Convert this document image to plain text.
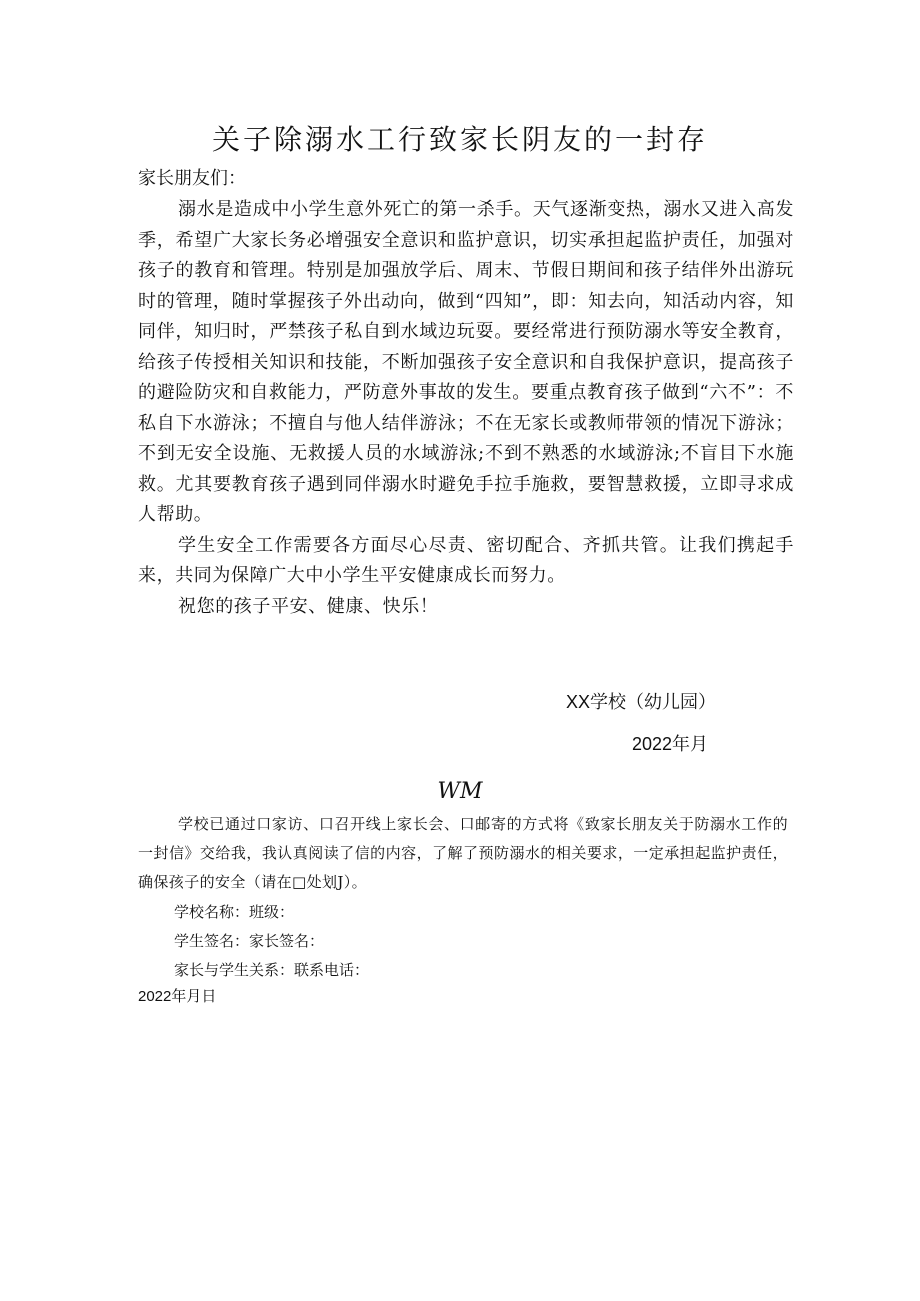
关子除溺水工行致家长阴友的一封存
家长朋友们：

溺水是造成中小学生意外死亡的第一杀手。天气逐渐变热，溺水又进入高发季，希望广大家长务必增强安全意识和监护意识，切实承担起监护责任，加强对孩子的教育和管理。特别是加强放学后、周末、节假日期间和孩子结伴外出游玩时的管理，随时掌握孩子外出动向，做到“四知”，即：知去向，知活动内容，知同伴，知归时，严禁孩子私自到水域边玩耍。要经常进行预防溺水等安全教育，给孩子传授相关知识和技能，不断加强孩子安全意识和自我保护意识，提高孩子的避险防灾和自救能力，严防意外事故的发生。要重点教育孩子做到“六不”：不私自下水游泳；不擅自与他人结伴游泳；不在无家长或教师带领的情况下游泳；不到无安全设施、无救援人员的水域游泳;不到不熟悉的水域游泳;不盲目下水施救。尤其要教育孩子遇到同伴溺水时避免手拉手施救，要智慧救援，立即寻求成人帮助。

学生安全工作需要各方面尽心尽责、密切配合、齐抓共管。让我们携起手来，共同为保障广大中小学生平安健康成长而努力。

祝您的孩子平安、健康、快乐！

XX学校（幼儿园）
2022年月
WM

学校已通过口家访、口召开线上家长会、口邮寄的方式将《致家长朋友关于防溺水工作的一封信》交给我，我认真阅读了信的内容，了解了预防溺水的相关要求，一定承担起监护责任，确保孩子的安全（请在□处划J）。

学校名称：班级：
学生签名：家长签名：
家长与学生关系：联系电话：
2022年月日
